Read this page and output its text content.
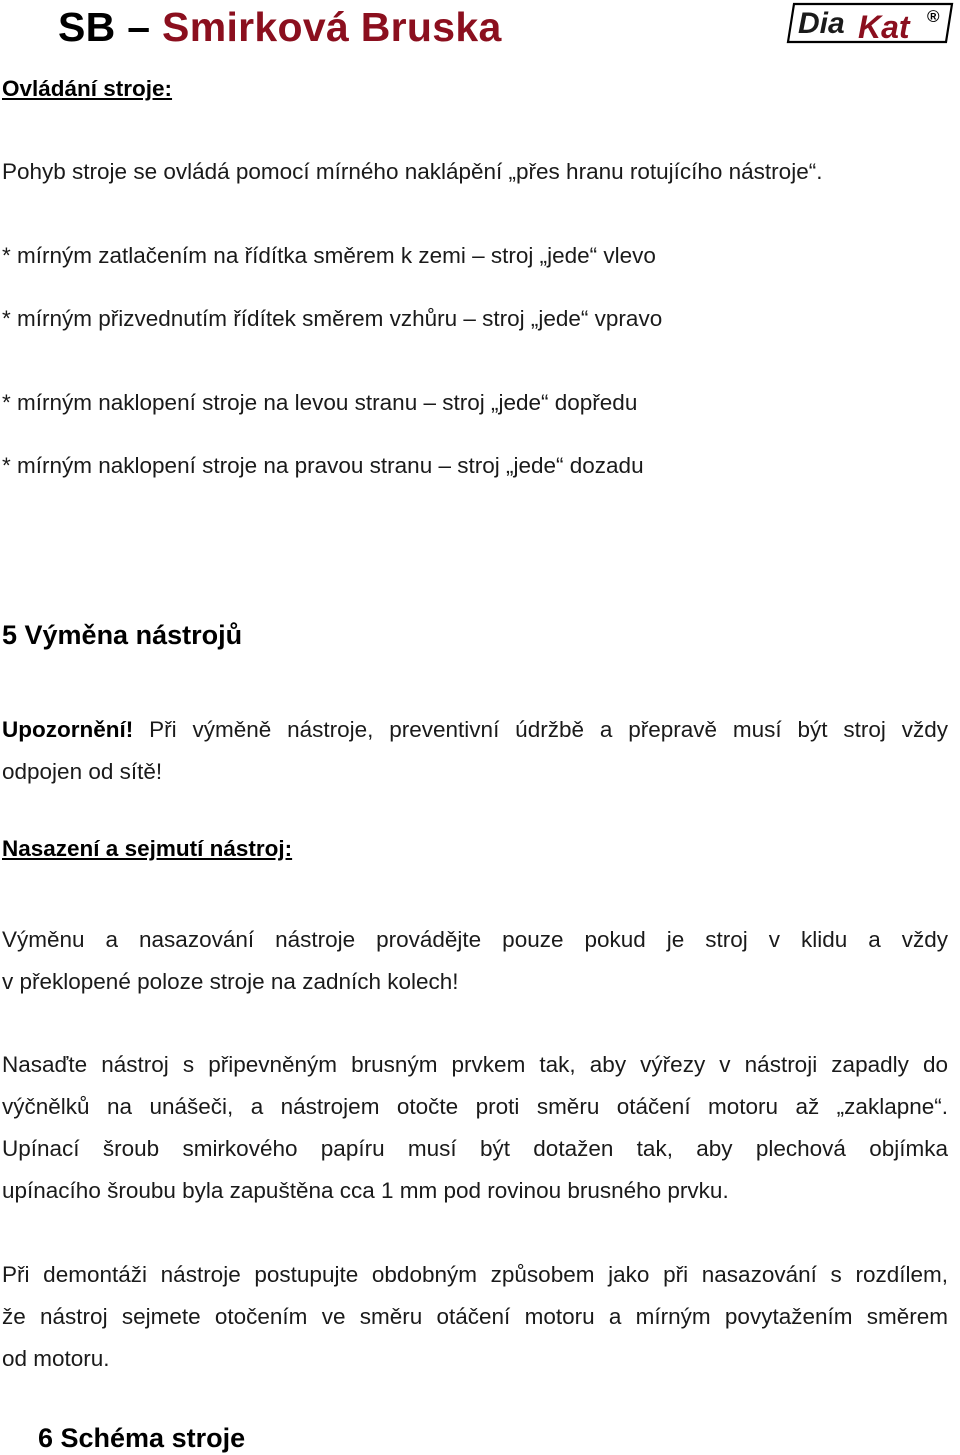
SB – Smirková Bruska	Dia Kat ®
Ovládání stroje:
Pohyb stroje se ovládá pomocí mírného naklápění „přes hranu rotujícího nástroje“.
* mírným zatlačením na řídítka směrem k zemi – stroj „jede“ vlevo
* mírným přizvednutím řídítek směrem vzhůru – stroj „jede“ vpravo
* mírným naklopení stroje na levou stranu – stroj „jede“ dopředu
* mírným naklopení stroje na pravou stranu – stroj „jede“ dozadu
5 Výměna nástrojů
Upozornění! Při výměně nástroje, preventivní údržbě a přepravě musí být stroj vždy
odpojen od sítě!
Nasazení a sejmutí nástroj:
Výměnu a nasazování nástroje provádějte pouze pokud je stroj v klidu a vždy
v překlopené poloze stroje na zadních kolech!
Nasaďte nástroj s připevněným brusným prvkem tak, aby výřezy v nástroji zapadly do
výčnělků na unášeči, a nástrojem otočte proti směru otáčení motoru až „zaklapne“.
Upínací šroub smirkového papíru musí být dotažen tak, aby plechová objímka
upínacího šroubu byla zapuštěna cca 1 mm pod rovinou brusného prvku.
Při demontáži nástroje postupujte obdobným způsobem jako při nasazování s rozdílem,
že nástroj sejmete otočením ve směru otáčení motoru a mírným povytažením směrem
od motoru.
6 Schéma stroje
